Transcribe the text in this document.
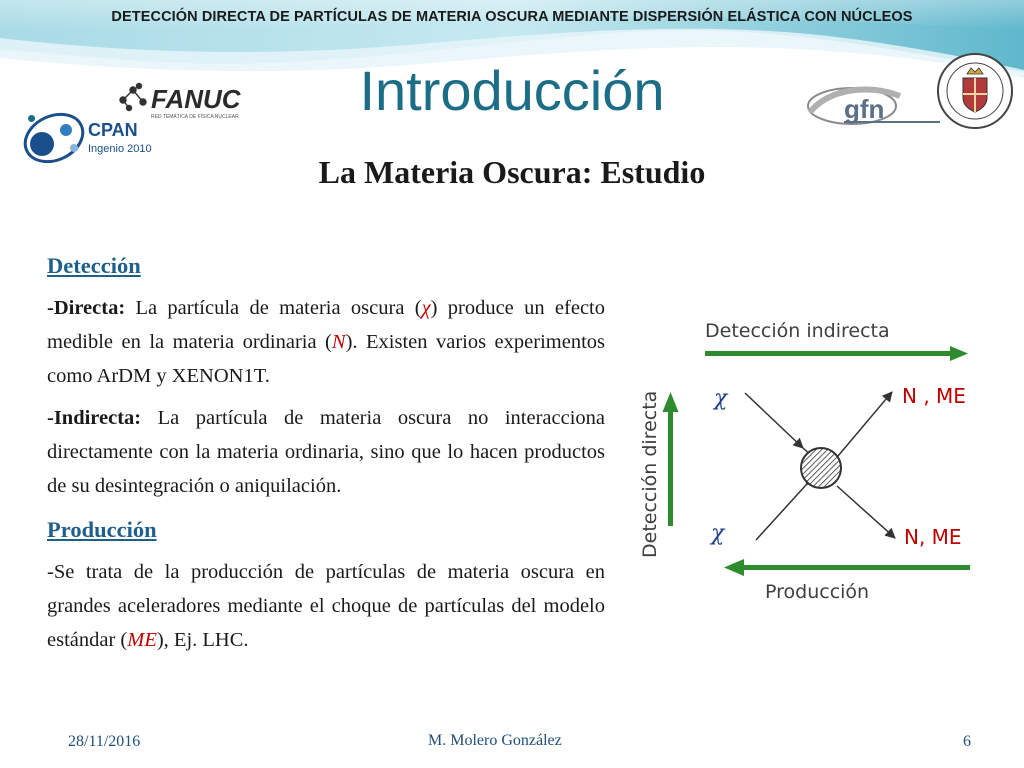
DETECCIÓN DIRECTA DE PARTÍCULAS DE MATERIA OSCURA MEDIANTE DISPERSIÓN ELÁSTICA CON NÚCLEOS
CPAN
Ingenio 2010
FANUC
RED TEMÁTICA DE FÍSICA NUCLEAR	gfn
•	Introducción
La Materia Oscura: Estudio
Detección

-Directa: La partícula de materia oscura (χ) produce un efecto medible en la materia ordinaria (N). Existen varios experimentos como ArDM y XENON1T.

-Indirecta: La partícula de materia oscura no interacciona directamente con la materia ordinaria, sino que lo hacen productos de su desintegración o aniquilación.

Producción

-Se trata de la producción de partículas de materia oscura en grandes aceleradores mediante el choque de partículas del modelo estándar (ME), Ej. LHC.

Detección indirecta
Detección directa
Producción
χ
χ
N , ME
N, ME
28/11/2016	M. Molero González	6
